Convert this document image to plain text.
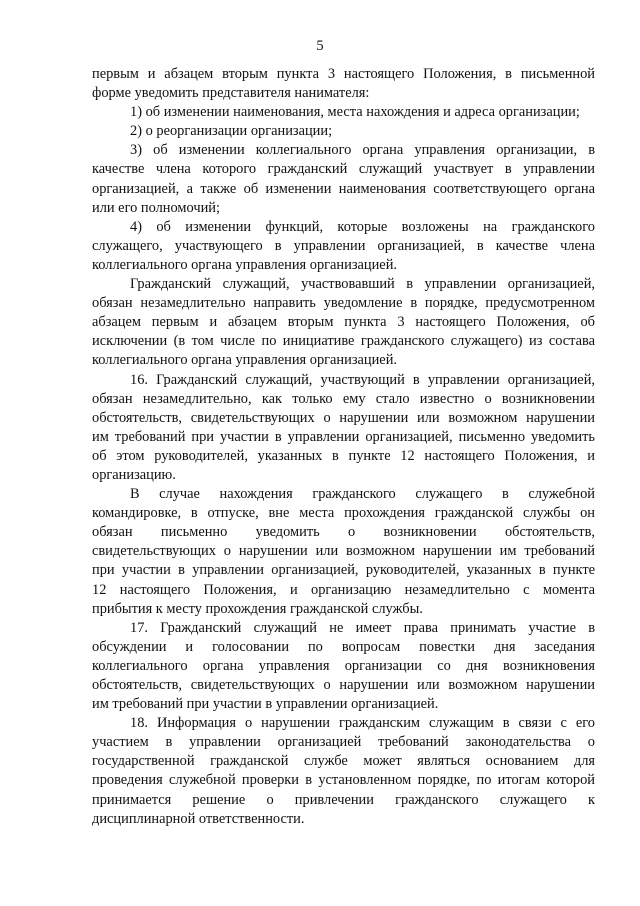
5
первым и абзацем вторым пункта 3 настоящего Положения, в письменной
форме уведомить представителя нанимателя:
1) об изменении наименования, места нахождения и адреса организации;
2) о реорганизации организации;
3) об изменении коллегиального органа управления организации, в
качестве члена которого гражданский служащий участвует в управлении
организацией, а также об изменении наименования соответствующего органа
или его полномочий;
4) об изменении функций, которые возложены на гражданского
служащего, участвующего в управлении организацией, в качестве члена
коллегиального органа управления организацией.
Гражданский служащий, участвовавший в управлении организацией,
обязан незамедлительно направить уведомление в порядке, предусмотренном
абзацем первым и абзацем вторым пункта 3 настоящего Положения, об
исключении (в том числе по инициативе гражданского служащего) из состава
коллегиального органа управления организацией.
16. Гражданский служащий, участвующий в управлении организацией,
обязан незамедлительно, как только ему стало известно о возникновении
обстоятельств, свидетельствующих о нарушении или возможном нарушении
им требований при участии в управлении организацией, письменно уведомить
об этом руководителей, указанных в пункте 12 настоящего Положения, и
организацию.
В случае нахождения гражданского служащего в служебной
командировке, в отпуске, вне места прохождения гражданской службы он
обязан письменно уведомить о возникновении обстоятельств,
свидетельствующих о нарушении или возможном нарушении им требований
при участии в управлении организацией, руководителей, указанных в пункте
12 настоящего Положения, и организацию незамедлительно с момента
прибытия к месту прохождения гражданской службы.
17. Гражданский служащий не имеет права принимать участие в
обсуждении и голосовании по вопросам повестки дня заседания
коллегиального органа управления организации со дня возникновения
обстоятельств, свидетельствующих о нарушении или возможном нарушении
им требований при участии в управлении организацией.
18. Информация о нарушении гражданским служащим в связи с его
участием в управлении организацией требований законодательства о
государственной гражданской службе может являться основанием для
проведения служебной проверки в установленном порядке, по итогам которой
принимается решение о привлечении гражданского служащего к
дисциплинарной ответственности.
